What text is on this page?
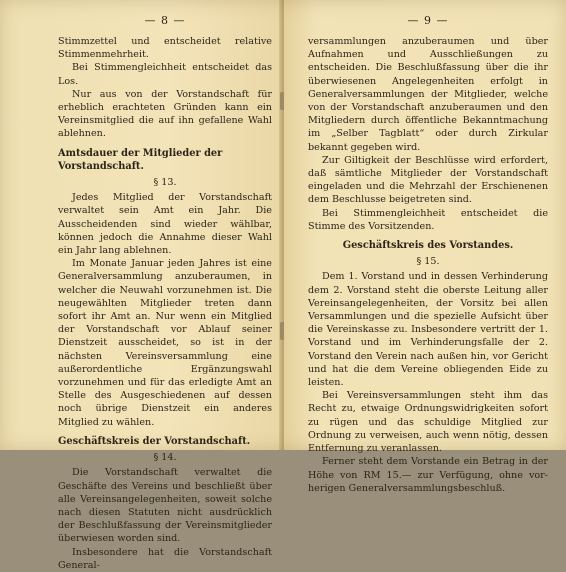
— 8 —

Stimmzettel und entscheidet relative Stimmenmehrheit.

Bei Stimmengleichheit entscheidet das Los.

Nur aus von der Vorstandschaft für erheblich erachteten Gründen kann ein Vereinsmitglied die auf ihn gefallene Wahl ablehnen.

Amtsdauer der Mitglieder der Vorstandschaft.
§ 13.

Jedes Mitglied der Vorstandschaft verwaltet sein Amt ein Jahr. Die Ausscheidenden sind wieder wählbar, können jedoch die Annahme dieser Wahl ein Jahr lang ablehnen.

Im Monate Januar jeden Jahres ist eine Generalversammlung anzuberaumen, in welcher die Neuwahl vorzunehmen ist. Die neugewählten Mitglieder treten dann sofort ihr Amt an. Nur wenn ein Mitglied der Vorstandschaft vor Ablauf seiner Dienstzeit ausscheidet, so ist in der nächsten Vereinsversammlung eine außerordentliche Ergänzungswahl vorzunehmen und für das erledigte Amt an Stelle des Ausgeschiedenen auf dessen noch übrige Dienstzeit ein anderes Mitglied zu wählen.

Geschäftskreis der Vorstandschaft.
§ 14.

Die Vorstandschaft verwaltet die Geschäfte des Vereins und beschließt über alle Vereinsangelegenheiten, soweit solche nach diesen Statuten nicht ausdrücklich der Beschlußfassung der Vereinsmitglieder überwiesen worden sind.

Insbesondere hat die Vorstandschaft General-

— 9 —

versammlungen anzuberaumen und über Aufnahmen und Ausschließungen zu entscheiden. Die Beschlußfassung über die ihr überwiesenen Angelegenheiten erfolgt in Generalversammlungen der Mitglieder, welche von der Vorstandschaft anzuberaumen und den Mitgliedern durch öffentliche Bekanntmachung im „Selber Tagblatt“ oder durch Zirkular bekannt gegeben wird.

Zur Giltigkeit der Beschlüsse wird erfordert, daß sämtliche Mitglieder der Vorstandschaft eingeladen und die Mehrzahl der Erschienenen dem Beschlusse beigetreten sind.

Bei Stimmengleichheit entscheidet die Stimme des Vorsitzenden.

Geschäftskreis des Vorstandes.
§ 15.

Dem 1. Vorstand und in dessen Verhinderung dem 2. Vorstand steht die oberste Leitung aller Vereinsangelegenheiten, der Vorsitz bei allen Versammlungen und die spezielle Aufsicht über die Vereinskasse zu. Insbesondere vertritt der 1. Vorstand und im Verhinderungsfalle der 2. Vorstand den Verein nach außen hin, vor Gericht und hat die dem Vereine obliegenden Eide zu leisten.

Bei Vereinsversammlungen steht ihm das Recht zu, etwaige Ordnungswidrigkeiten sofort zu rügen und das schuldige Mitglied zur Ordnung zu verweisen, auch wenn nötig, dessen Entfernung zu veranlassen.

Ferner steht dem Vorstande ein Betrag in der Höhe von RM 15.— zur Verfügung, ohne vorherigen Generalversammlungsbeschluß.
